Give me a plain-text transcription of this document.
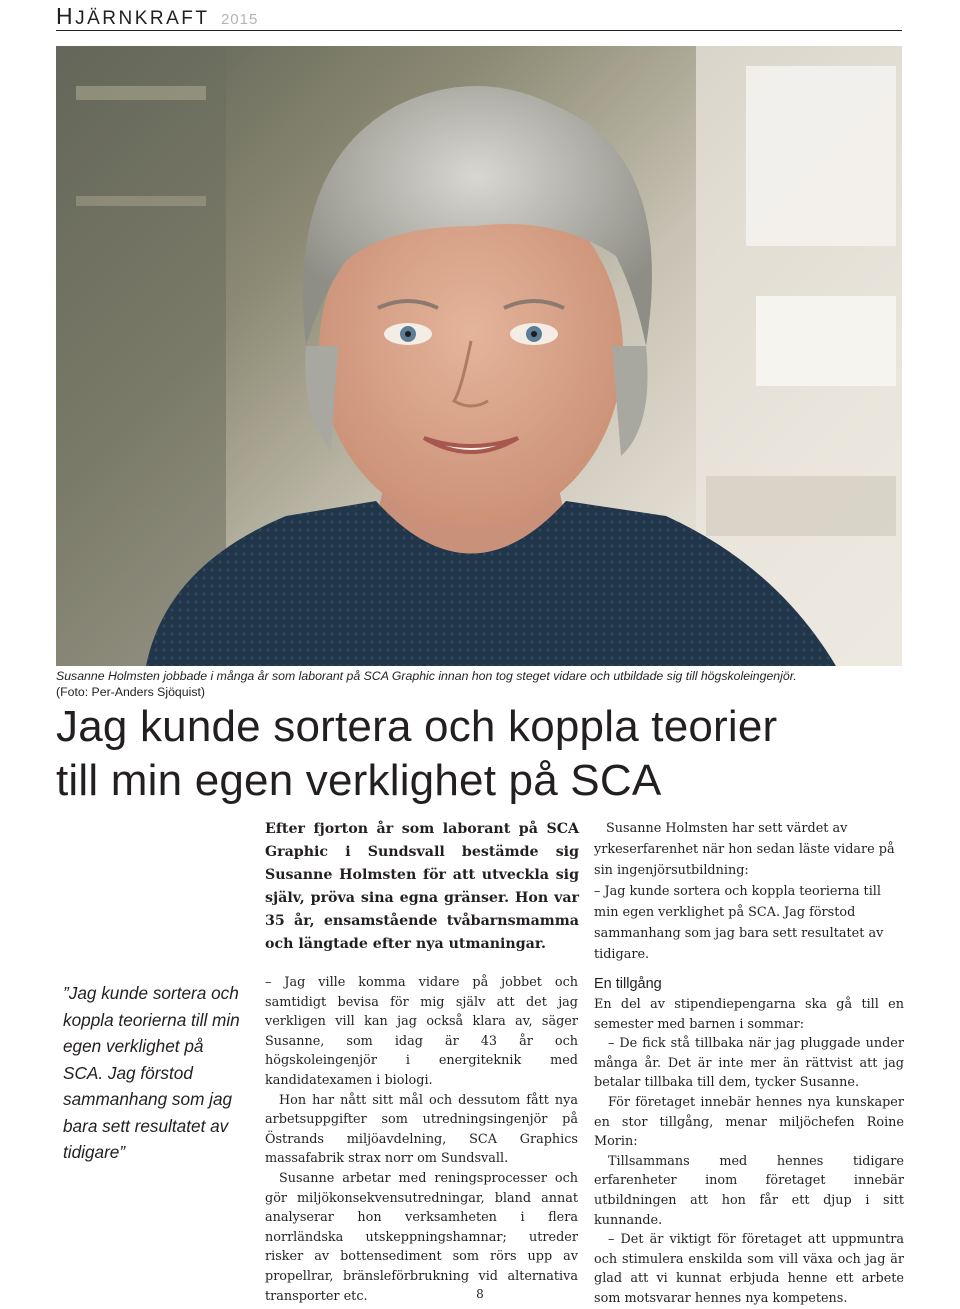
HJÄRNKRAFT 2015

Susanne Holmsten jobbade i många år som laborant på SCA Graphic innan hon tog steget vidare och utbildade sig till högskoleingenjör.
(Foto: Per-Anders Sjöquist)

Jag kunde sortera och koppla teorier
till min egen verklighet på SCA

Efter fjorton år som laborant på SCA Graphic i Sundsvall bestämde sig Susanne Holmsten för att utveckla sig själv, pröva sina egna gränser. Hon var 35 år, ensamstående tvåbarnsmamma och längtade efter nya utmaningar.

Susanne Holmsten har sett värdet av yrkeserfarenhet när hon sedan läste vidare på sin ingenjörsutbildning:

– Jag kunde sortera och koppla teorierna till min egen verklighet på SCA. Jag förstod sammanhang som jag bara sett resultatet av tidigare.

”Jag kunde sortera och koppla teorierna till min egen verklighet på SCA. Jag förstod sammanhang som jag bara sett resultatet av tidigare”

– Jag ville komma vidare på jobbet och samtidigt bevisa för mig själv att det jag verkligen vill kan jag också klara av, säger Susanne, som idag är 43 år och högskoleingenjör i energiteknik med kandidatexamen i biologi.

Hon har nått sitt mål och dessutom fått nya arbetsuppgifter som utredningsingenjör på Östrands miljöavdelning, SCA Graphics massafabrik strax norr om Sundsvall.

Susanne arbetar med reningsprocesser och gör miljökonsekvensutredningar, bland annat analyserar hon verksamheten i flera norrländska utskeppningshamnar; utreder risker av bottensediment som rörs upp av propellrar, bränsleförbrukning vid alternativa transporter etc.

En tillgång

En del av stipendiepengarna ska gå till en semester med barnen i sommar:

– De fick stå tillbaka när jag pluggade under många år. Det är inte mer än rättvist att jag betalar tillbaka till dem, tycker Susanne.

För företaget innebär hennes nya kunskaper en stor tillgång, menar miljöchefen Roine Morin:

Tillsammans med hennes tidigare erfarenheter inom företaget innebär utbildningen att hon får ett djup i sitt kunnande.

– Det är viktigt för företaget att uppmuntra och stimulera enskilda som vill växa och jag är glad att vi kunnat erbjuda henne ett arbete som motsvarar hennes nya kompetens.

8
